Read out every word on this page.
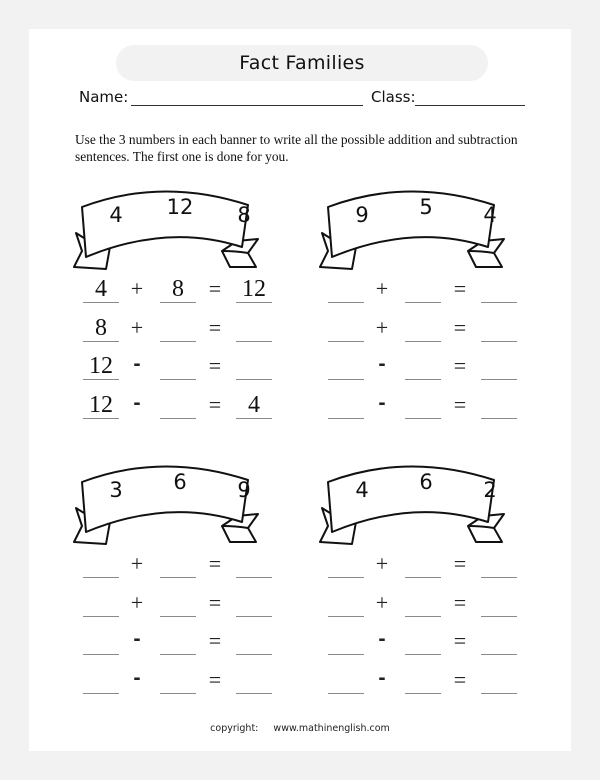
Fact Families
Name:	Class:
Use the 3 numbers in each banner to write all the possible addition and subtraction sentences. The first one is done for you.
4 12 8
4	+	8	= 12
8	+	=
12	-	=
12	-	=	4
9 5 4
+	=
+	=
-	=
-	=
3 6 9
+	=
+	=
-	=
-	=
4 6 2
+	=
+	=
-	=
-	=
copyright: www.mathinenglish.com
